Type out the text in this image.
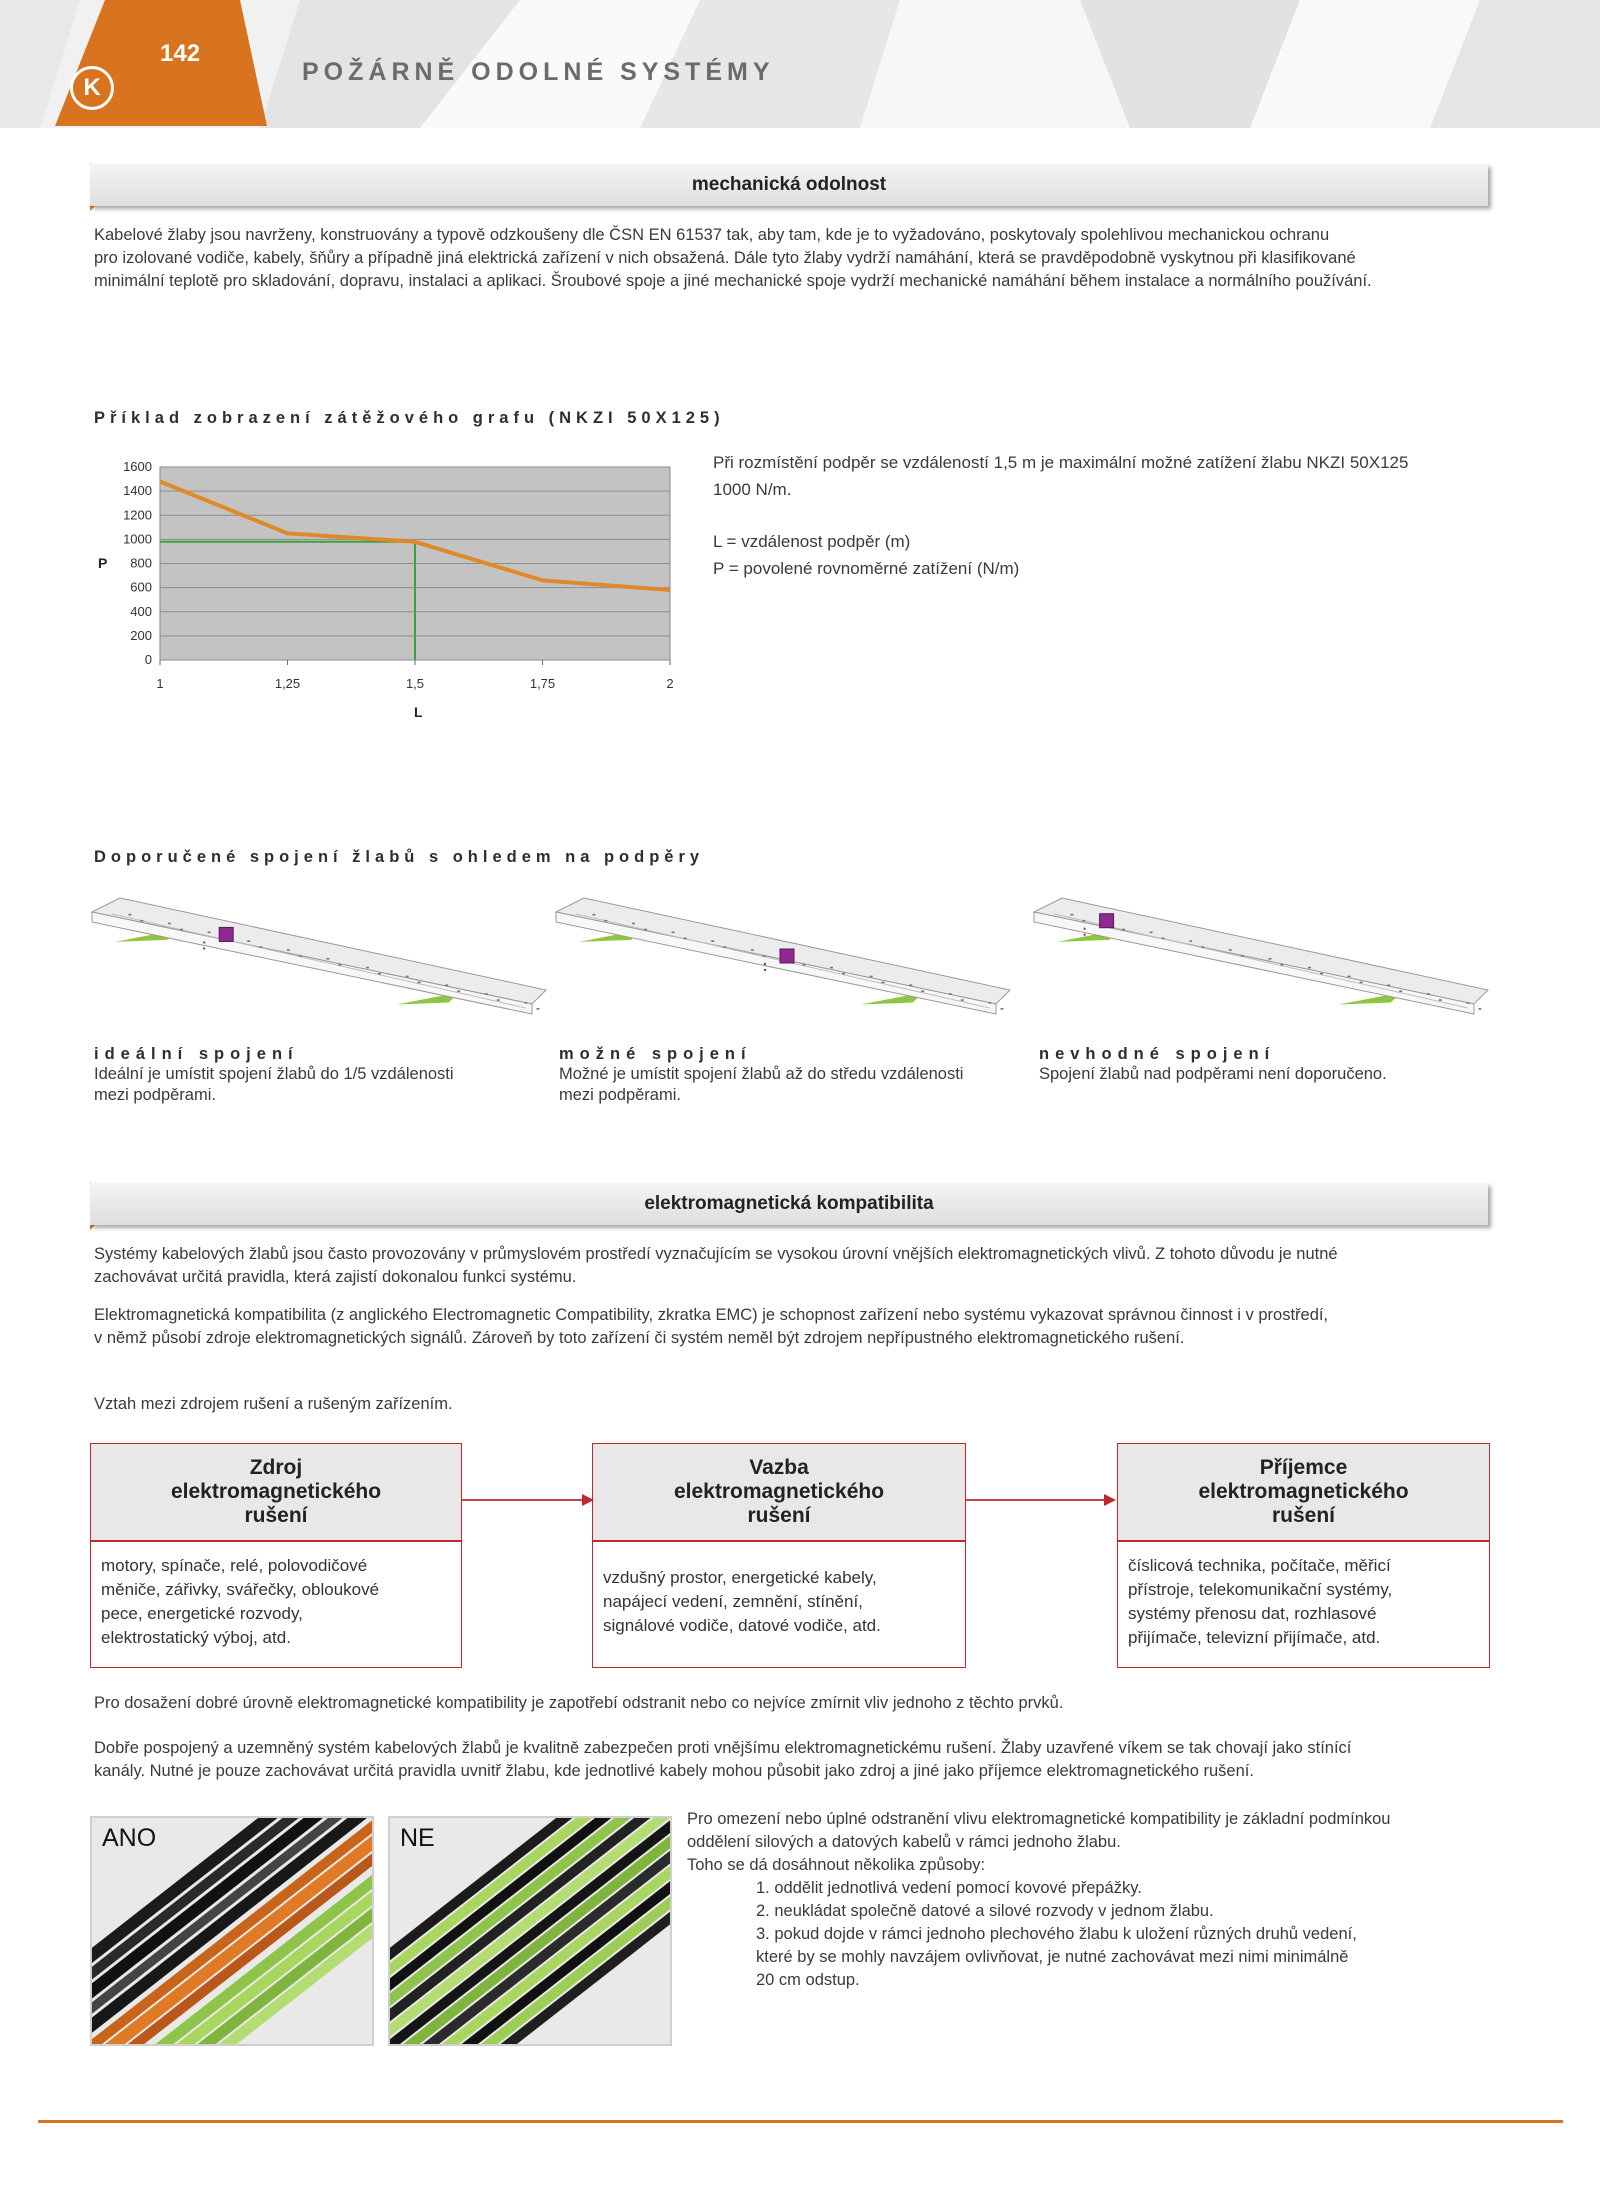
142
K
POŽÁRNĚ ODOLNÉ SYSTÉMY
mechanická odolnost
Kabelové žlaby jsou navrženy, konstruovány a typově odzkoušeny dle ČSN EN 61537 tak, aby tam, kde je to vyžadováno, poskytovaly spolehlivou mechanickou ochranu
pro izolované vodiče, kabely, šňůry a případně jiná elektrická zařízení v nich obsažená. Dále tyto žlaby vydrží namáhání, která se pravděpodobně vyskytnou při klasifikované
minimální teplotě pro skladování, dopravu, instalaci a aplikaci. Šroubové spoje a jiné mechanické spoje vydrží mechanické namáhání během instalace a normálního používání.
Příklad zobrazení zátěžového grafu (NKZI 50X125)
0
200
400
600
800
1000
1200
1400
1600
1	1,25	1,5	1,75	2
P
L
Při rozmístění podpěr se vzdáleností 1,5 m je maximální možné zatížení žlabu NKZI 50X125
1000 N/m.
L = vzdálenost podpěr (m)
P = povolené rovnoměrné zatížení (N/m)
Doporučené spojení žlabů s ohledem na podpěry
ideální spojení
Ideální je umístit spojení žlabů do 1/5 vzdálenosti
mezi podpěrami.
možné spojení
Možné je umístit spojení žlabů až do středu vzdálenosti
mezi podpěrami.
nevhodné spojení
Spojení žlabů nad podpěrami není doporučeno.
elektromagnetická kompatibilita
Systémy kabelových žlabů jsou často provozovány v průmyslovém prostředí vyznačujícím se vysokou úrovní vnějších elektromagnetických vlivů. Z tohoto důvodu je nutné
zachovávat určitá pravidla, která zajistí dokonalou funkci systému.
Elektromagnetická kompatibilita (z anglického Electromagnetic Compatibility, zkratka EMC) je schopnost zařízení nebo systému vykazovat správnou činnost i v prostředí,
v němž působí zdroje elektromagnetických signálů. Zároveň by toto zařízení či systém neměl být zdrojem nepřípustného elektromagnetického rušení.
Vztah mezi zdrojem rušení a rušeným zařízením.
Zdroj
elektromagnetického
rušení
motory, spínače, relé, polovodičové
měniče, zářivky, svářečky, obloukové
pece, energetické rozvody,
elektrostatický výboj, atd.
Vazba
elektromagnetického
rušení
vzdušný prostor, energetické kabely,
napájecí vedení, zemnění, stínění,
signálové vodiče, datové vodiče, atd.
Příjemce
elektromagnetického
rušení
číslicová technika, počítače, měřicí
přístroje, telekomunikační systémy,
systémy přenosu dat, rozhlasové
přijímače, televizní přijímače, atd.
Pro dosažení dobré úrovně elektromagnetické kompatibility je zapotřebí odstranit nebo co nejvíce zmírnit vliv jednoho z těchto prvků.
Dobře pospojený a uzemněný systém kabelových žlabů je kvalitně zabezpečen proti vnějšímu elektromagnetickému rušení. Žlaby uzavřené víkem se tak chovají jako stínící
kanály. Nutné je pouze zachovávat určitá pravidla uvnitř žlabu, kde jednotlivé kabely mohou působit jako zdroj a jiné jako příjemce elektromagnetického rušení.
ANO	NE
Pro omezení nebo úplné odstranění vlivu elektromagnetické kompatibility je základní podmínkou
oddělení silových a datových kabelů v rámci jednoho žlabu.
Toho se dá dosáhnout několika způsoby:
1. oddělit jednotlivá vedení pomocí kovové přepážky.
2. neukládat společně datové a silové rozvody v jednom žlabu.
3. pokud dojde v rámci jednoho plechového žlabu k uložení různých druhů vedení,
které by se mohly navzájem ovlivňovat, je nutné zachovávat mezi nimi minimálně
20 cm odstup.
